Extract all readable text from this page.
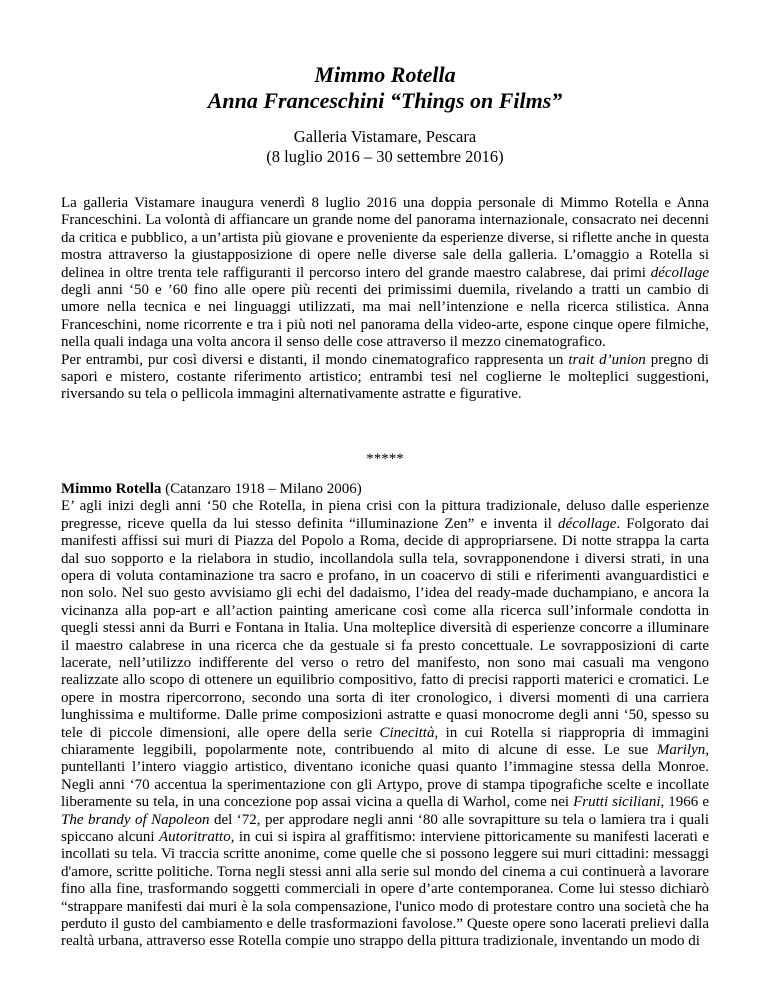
Mimmo Rotella
Anna Franceschini “Things on Films”
Galleria Vistamare, Pescara
(8 luglio 2016 – 30 settembre 2016)

La galleria Vistamare inaugura venerdì 8 luglio 2016 una doppia personale di Mimmo Rotella e Anna Franceschini. La volontà di affiancare un grande nome del panorama internazionale, consacrato nei decenni da critica e pubblico, a un’artista più giovane e proveniente da esperienze diverse, si riflette anche in questa mostra attraverso la giustapposizione di opere nelle diverse sale della galleria. L’omaggio a Rotella si delinea in oltre trenta tele raffiguranti il percorso intero del grande maestro calabrese, dai primi décollage degli anni ‘50 e ’60 fino alle opere più recenti dei primissimi duemila, rivelando a tratti un cambio di umore nella tecnica e nei linguaggi utilizzati, ma mai nell’intenzione e nella ricerca stilistica. Anna Franceschini, nome ricorrente e tra i più noti nel panorama della video-arte, espone cinque opere filmiche, nella quali indaga una volta ancora il senso delle cose attraverso il mezzo cinematografico.

Per entrambi, pur così diversi e distanti, il mondo cinematografico rappresenta un trait d’union pregno di sapori e mistero, costante riferimento artistico; entrambi tesi nel coglierne le molteplici suggestioni, riversando su tela o pellicola immagini alternativamente astratte e figurative.

*****

Mimmo Rotella (Catanzaro 1918 – Milano 2006)

E’ agli inizi degli anni ‘50 che Rotella, in piena crisi con la pittura tradizionale, deluso dalle esperienze pregresse, riceve quella da lui stesso definita “illuminazione Zen” e inventa il décollage. Folgorato dai manifesti affissi sui muri di Piazza del Popolo a Roma, decide di appropriarsene. Di notte strappa la carta dal suo sopporto e la rielabora in studio, incollandola sulla tela, sovrapponendone i diversi strati, in una opera di voluta contaminazione tra sacro e profano, in un coacervo di stili e riferimenti avanguardistici e non solo. Nel suo gesto avvisiamo gli echi del dadaismo, l’idea del ready-made duchampiano, e ancora la vicinanza alla pop-art e all’action painting americane così come alla ricerca sull’informale condotta in quegli stessi anni da Burri e Fontana in Italia. Una molteplice diversità di esperienze concorre a illuminare il maestro calabrese in una ricerca che da gestuale si fa presto concettuale. Le sovrapposizioni di carte lacerate, nell’utilizzo indifferente del verso o retro del manifesto, non sono mai casuali ma vengono realizzate allo scopo di ottenere un equilibrio compositivo, fatto di precisi rapporti materici e cromatici. Le opere in mostra ripercorrono, secondo una sorta di iter cronologico, i diversi momenti di una carriera lunghissima e multiforme. Dalle prime composizioni astratte e quasi monocrome degli anni ‘50, spesso su tele di piccole dimensioni, alle opere della serie Cinecittà, in cui Rotella si riappropria di immagini chiaramente leggibili, popolarmente note, contribuendo al mito di alcune di esse. Le sue Marilyn, puntellanti l’intero viaggio artistico, diventano iconiche quasi quanto l’immagine stessa della Monroe. Negli anni ‘70 accentua la sperimentazione con gli Artypo, prove di stampa tipografiche scelte e incollate liberamente su tela, in una concezione pop assai vicina a quella di Warhol, come nei Frutti siciliani, 1966 e The brandy of Napoleon del ‘72, per approdare negli anni ‘80 alle sovrapitture su tela o lamiera tra i quali spiccano alcuni Autoritratto, in cui si ispira al graffitismo: interviene pittoricamente su manifesti lacerati e incollati su tela. Vi traccia scritte anonime, come quelle che si possono leggere sui muri cittadini: messaggi d'amore, scritte politiche. Torna negli stessi anni alla serie sul mondo del cinema a cui continuerà a lavorare fino alla fine, trasformando soggetti commerciali in opere d’arte contemporanea. Come lui stesso dichiarò “strappare manifesti dai muri è la sola compensazione, l'unico modo di protestare contro una società che ha perduto il gusto del cambiamento e delle trasformazioni favolose.” Queste opere sono lacerati prelievi dalla realtà urbana, attraverso esse Rotella compie uno strappo della pittura tradizionale, inventando un modo di
